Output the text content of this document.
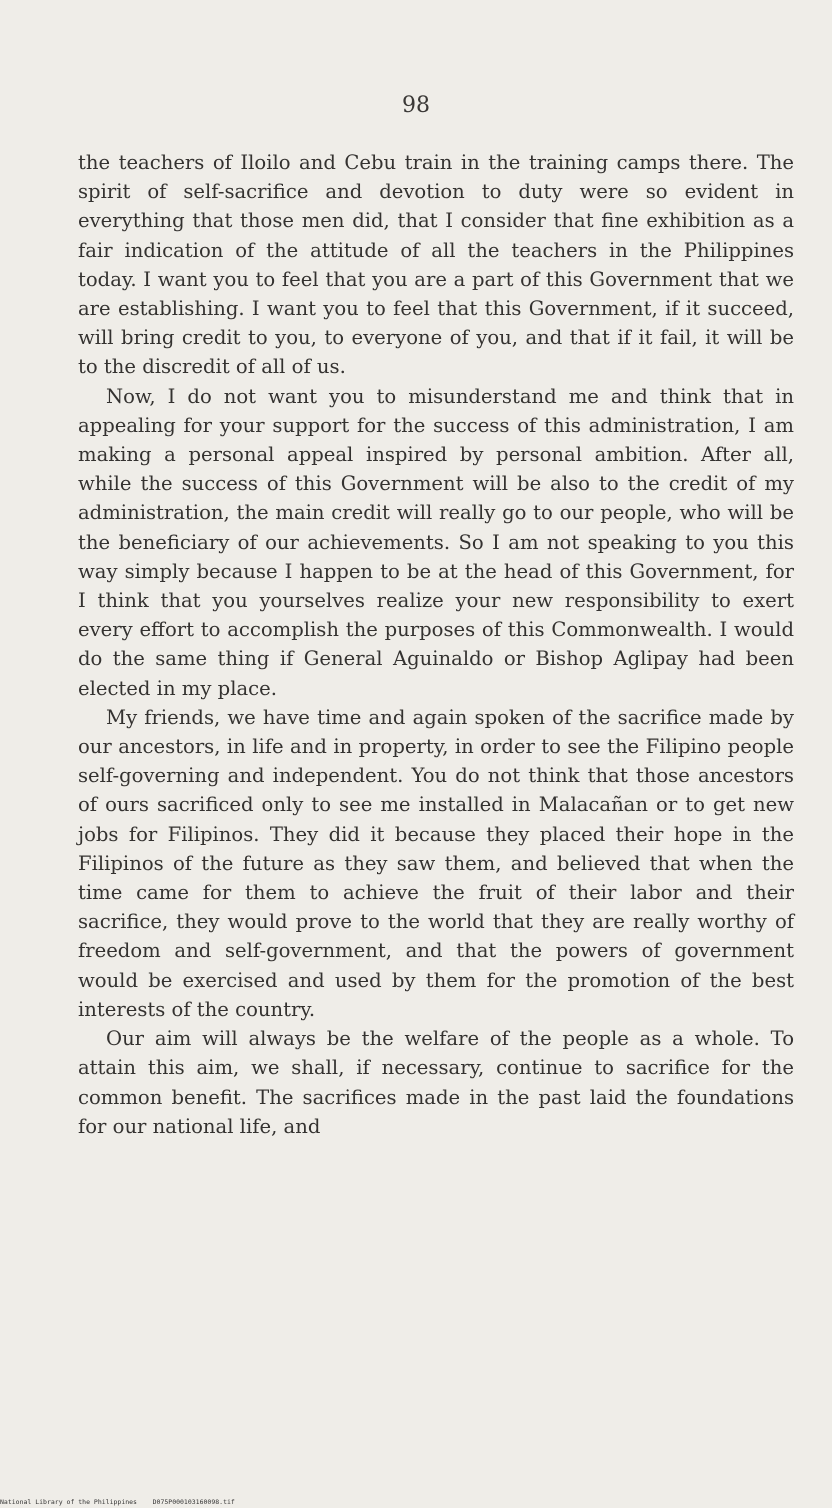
98

the teachers of Iloilo and Cebu train in the training camps there. The spirit of self-sacrifice and devotion to duty were so evident in everything that those men did, that I consider that fine exhibition as a fair indication of the attitude of all the teachers in the Philippines today. I want you to feel that you are a part of this Government that we are establishing. I want you to feel that this Government, if it succeed, will bring credit to you, to everyone of you, and that if it fail, it will be to the discredit of all of us.

Now, I do not want you to misunderstand me and think that in appealing for your support for the success of this administration, I am making a personal appeal inspired by personal ambition. After all, while the success of this Government will be also to the credit of my administration, the main credit will really go to our people, who will be the beneficiary of our achievements. So I am not speaking to you this way simply because I happen to be at the head of this Government, for I think that you yourselves realize your new responsibility to exert every effort to accomplish the purposes of this Commonwealth. I would do the same thing if General Aguinaldo or Bishop Aglipay had been elected in my place.

My friends, we have time and again spoken of the sacrifice made by our ancestors, in life and in property, in order to see the Filipino people self-governing and independent. You do not think that those ancestors of ours sacrificed only to see me installed in Malacañan or to get new jobs for Filipinos. They did it because they placed their hope in the Filipinos of the future as they saw them, and believed that when the time came for them to achieve the fruit of their labor and their sacrifice, they would prove to the world that they are really worthy of freedom and self-government, and that the powers of government would be exercised and used by them for the promotion of the best interests of the country.

Our aim will always be the welfare of the people as a whole. To attain this aim, we shall, if necessary, continue to sacrifice for the common benefit. The sacrifices made in the past laid the foundations for our national life, and

National Library of the Philippines D075P000103160098.tif
